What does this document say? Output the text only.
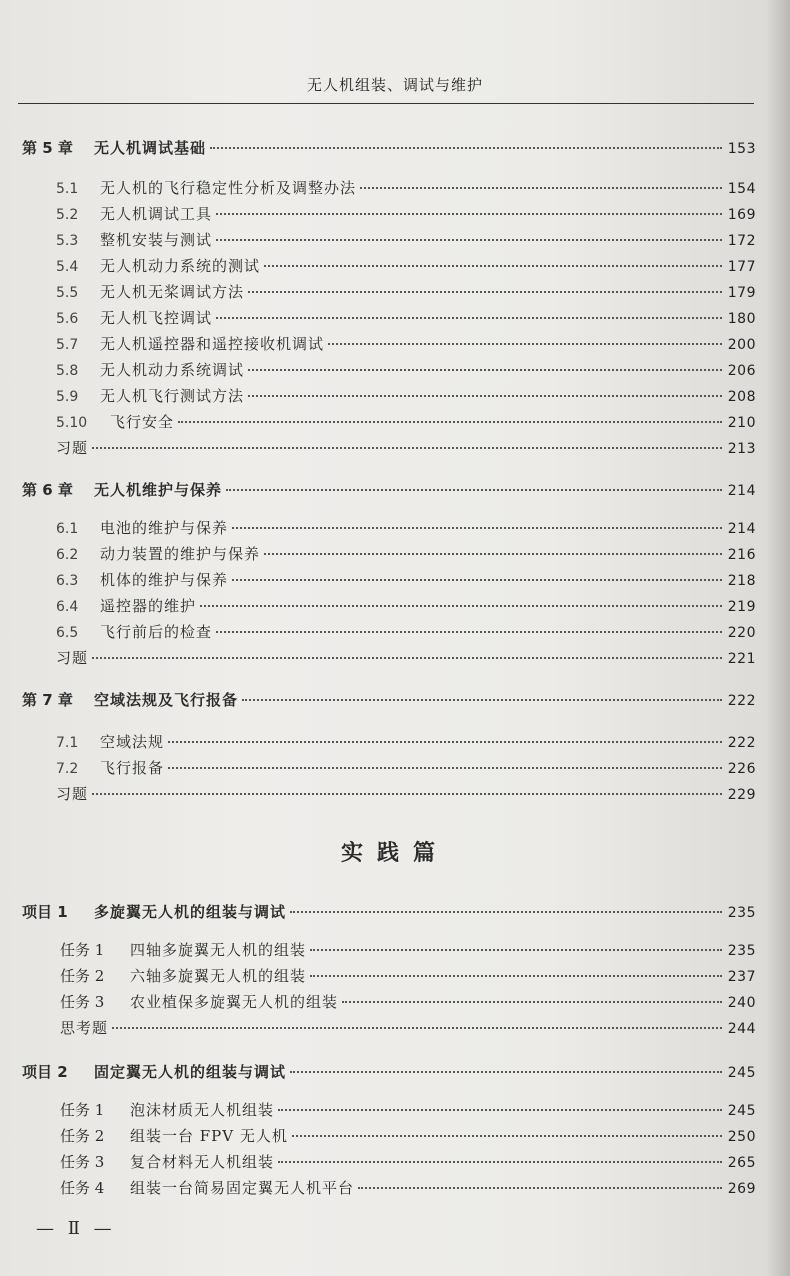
无人机组装、调试与维护
第 5 章	无人机调试基础	153
5.1	无人机的飞行稳定性分析及调整办法	154
5.2	无人机调试工具	169
5.3	整机安装与测试	172
5.4	无人机动力系统的测试	177
5.5	无人机无桨调试方法	179
5.6	无人机飞控调试	180
5.7	无人机遥控器和遥控接收机调试	200
5.8	无人机动力系统调试	206
5.9	无人机飞行测试方法	208
5.10	飞行安全	210
习题	213
第 6 章	无人机维护与保养	214
6.1	电池的维护与保养	214
6.2	动力装置的维护与保养	216
6.3	机体的维护与保养	218
6.4	遥控器的维护	219
6.5	飞行前后的检查	220
习题	221
第 7 章	空域法规及飞行报备	222
7.1	空域法规	222
7.2	飞行报备	226
习题	229
实践篇
项目 1	多旋翼无人机的组装与调试	235
任务 1	四轴多旋翼无人机的组装	235
任务 2	六轴多旋翼无人机的组装	237
任务 3	农业植保多旋翼无人机的组装	240
思考题	244
项目 2	固定翼无人机的组装与调试	245
任务 1	泡沫材质无人机组装	245
任务 2	组装一台 FPV 无人机	250
任务 3	复合材料无人机组装	265
任务 4	组装一台简易固定翼无人机平台	269
— Ⅱ —
